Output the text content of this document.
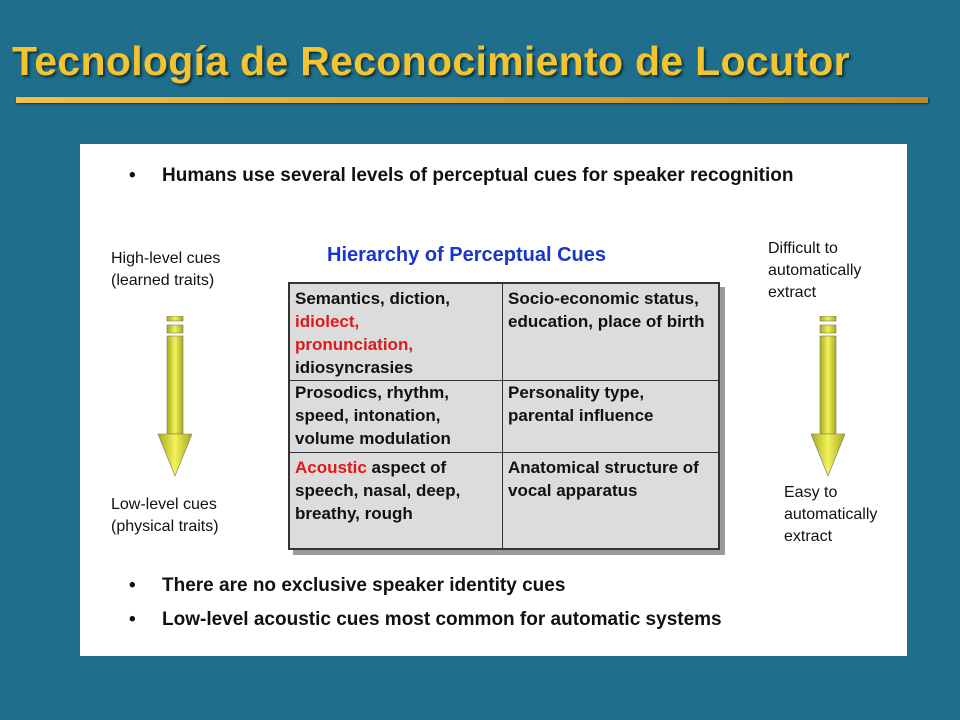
Tecnología de Reconocimiento de Locutor
• Humans use several levels of perceptual cues for speaker recognition
High-level cues
(learned traits)
Hierarchy of Perceptual Cues	Difficult to
automatically
extract
Semantics, diction,
idiolect,
pronunciation,
idiosyncrasies
Socio-economic status, education, place of birth
Prosodics, rhythm, speed, intonation, volume modulation
Personality type, parental influence
Acoustic aspect of speech, nasal, deep, breathy, rough
Anatomical structure of vocal apparatus
Low-level cues
(physical traits)
Easy to
automatically
extract
• There are no exclusive speaker identity cues
• Low-level acoustic cues most common for automatic systems
